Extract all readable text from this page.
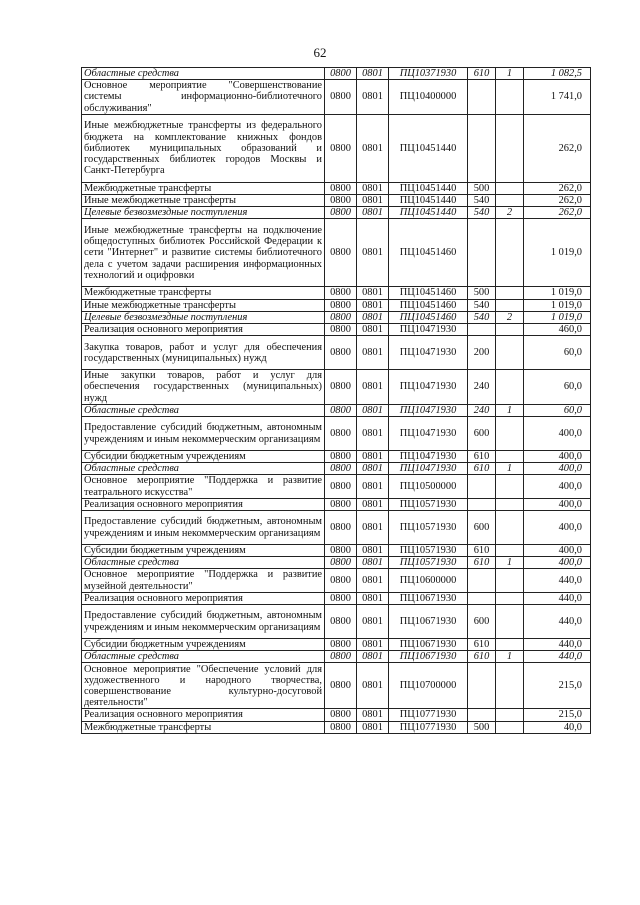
62
Областные средства	0800	0801	ПЦ10371930	610	1	1 082,5
Основное мероприятие "Совершенствование системы информационно-библиотечного обслуживания"	0800	0801	ПЦ10400000			1 741,0
Иные межбюджетные трансферты из федерального бюджета на комплектование книжных фондов библиотек муниципальных образований и государственных библиотек городов Москвы и Санкт-Петербурга	0800	0801	ПЦ10451440			262,0
Межбюджетные трансферты	0800	0801	ПЦ10451440	500		262,0
Иные межбюджетные трансферты	0800	0801	ПЦ10451440	540		262,0
Целевые безвозмездные поступления	0800	0801	ПЦ10451440	540	2	262,0
Иные межбюджетные трансферты на подключение общедоступных библиотек Российской Федерации к сети "Интернет" и развитие системы библиотечного дела с учетом задачи расширения информационных технологий и оцифровки	0800	0801	ПЦ10451460			1 019,0
Межбюджетные трансферты	0800	0801	ПЦ10451460	500		1 019,0
Иные межбюджетные трансферты	0800	0801	ПЦ10451460	540		1 019,0
Целевые безвозмездные поступления	0800	0801	ПЦ10451460	540	2	1 019,0
Реализация основного мероприятия	0800	0801	ПЦ10471930			460,0
Закупка товаров, работ и услуг для обеспечения государственных (муниципальных) нужд	0800	0801	ПЦ10471930	200		60,0
Иные закупки товаров, работ и услуг для обеспечения государственных (муниципальных) нужд	0800	0801	ПЦ10471930	240		60,0
Областные средства	0800	0801	ПЦ10471930	240	1	60,0
Предоставление субсидий бюджетным, автономным учреждениям и иным некоммерческим организациям	0800	0801	ПЦ10471930	600		400,0
Субсидии бюджетным учреждениям	0800	0801	ПЦ10471930	610		400,0
Областные средства	0800	0801	ПЦ10471930	610	1	400,0
Основное мероприятие "Поддержка и развитие театрального искусства"	0800	0801	ПЦ10500000			400,0
Реализация основного мероприятия	0800	0801	ПЦ10571930			400,0
Предоставление субсидий бюджетным, автономным учреждениям и иным некоммерческим организациям	0800	0801	ПЦ10571930	600		400,0
Субсидии бюджетным учреждениям	0800	0801	ПЦ10571930	610		400,0
Областные средства	0800	0801	ПЦ10571930	610	1	400,0
Основное мероприятие "Поддержка и развитие музейной деятельности"	0800	0801	ПЦ10600000			440,0
Реализация основного мероприятия	0800	0801	ПЦ10671930			440,0
Предоставление субсидий бюджетным, автономным учреждениям и иным некоммерческим организациям	0800	0801	ПЦ10671930	600		440,0
Субсидии бюджетным учреждениям	0800	0801	ПЦ10671930	610		440,0
Областные средства	0800	0801	ПЦ10671930	610	1	440,0
Основное мероприятие "Обеспечение условий для художественного и народного творчества, совершенствование культурно-досуговой деятельности"	0800	0801	ПЦ10700000			215,0
Реализация основного мероприятия	0800	0801	ПЦ10771930			215,0
Межбюджетные трансферты	0800	0801	ПЦ10771930	500		40,0
